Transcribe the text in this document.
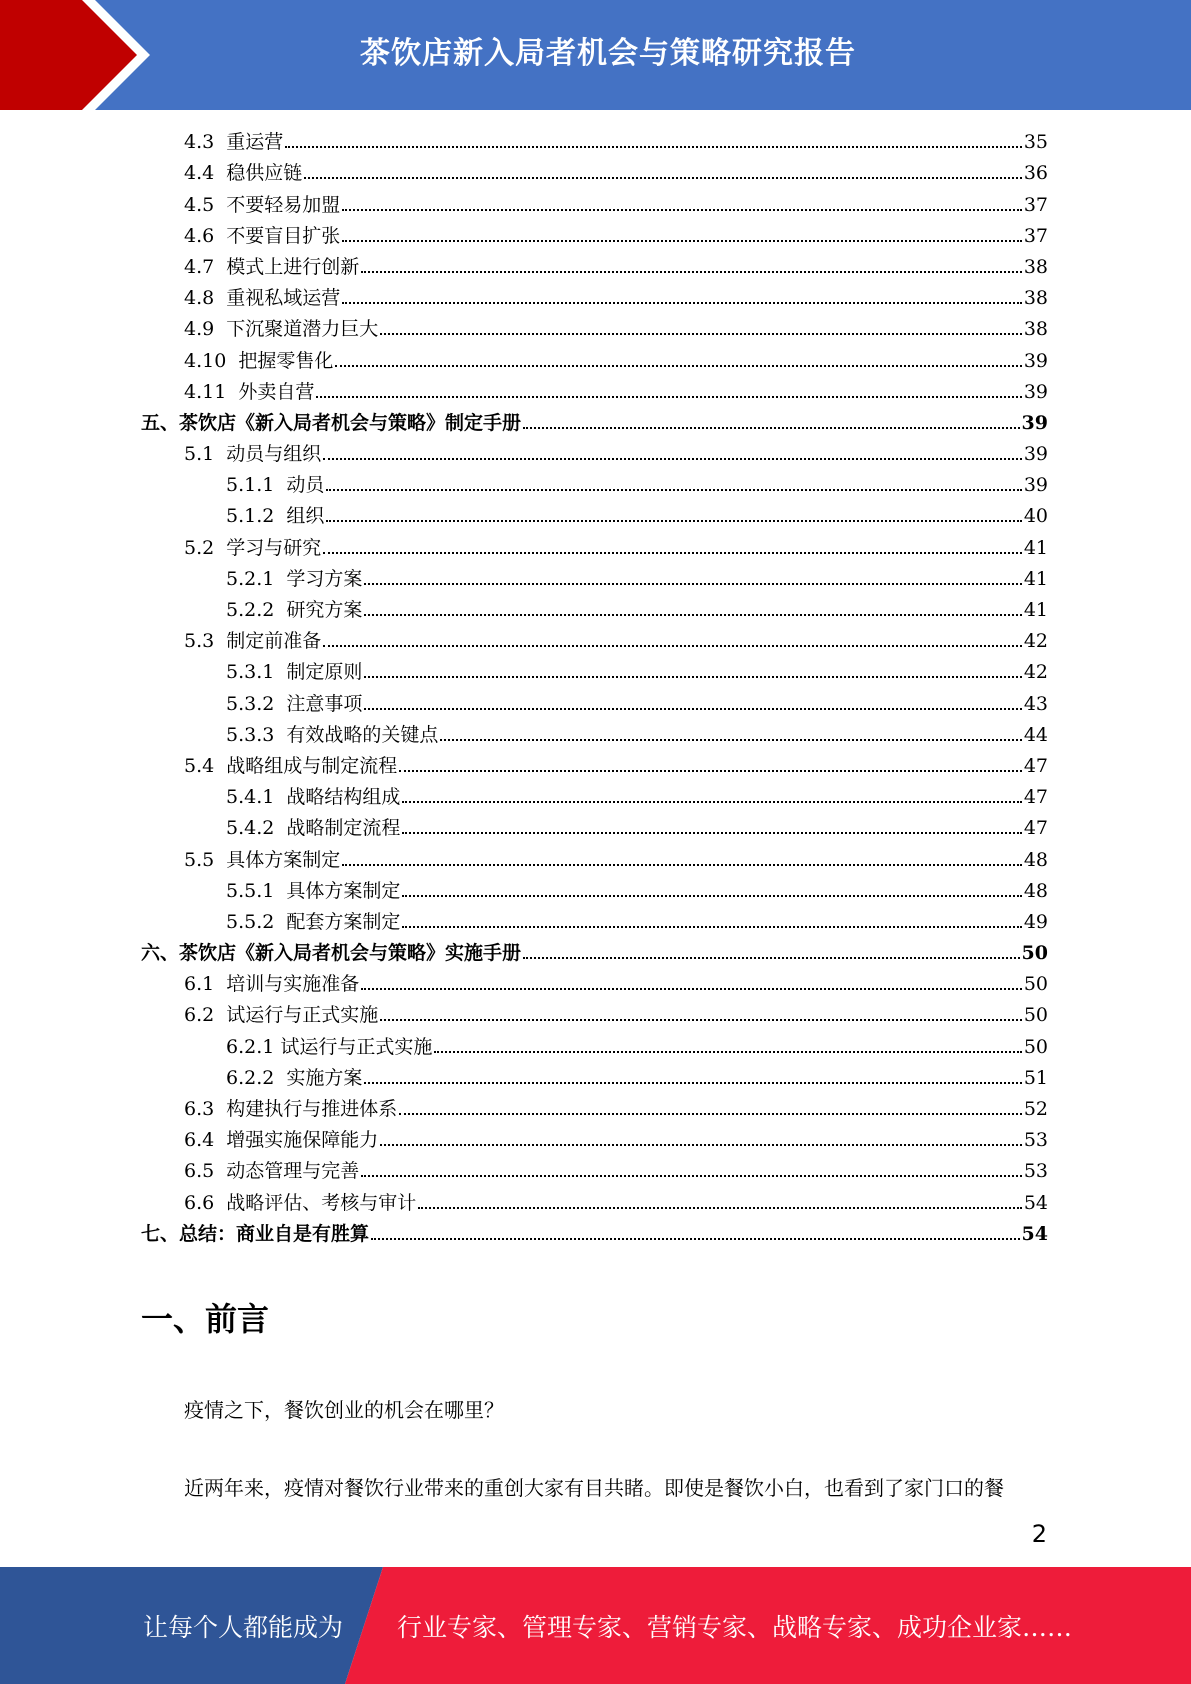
茶饮店新入局者机会与策略研究报告
4.3  重运营	35
4.4  稳供应链	36
4.5  不要轻易加盟	37
4.6  不要盲目扩张	37
4.7  模式上进行创新	38
4.8  重视私域运营	38
4.9  下沉聚道潜力巨大	38
4.10  把握零售化	39
4.11  外卖自营	39
五、茶饮店《新入局者机会与策略》制定手册	39
5.1  动员与组织	39
5.1.1  动员	39
5.1.2  组织	40
5.2  学习与研究	41
5.2.1  学习方案	41
5.2.2  研究方案	41
5.3  制定前准备	42
5.3.1  制定原则	42
5.3.2  注意事项	43
5.3.3  有效战略的关键点	44
5.4  战略组成与制定流程	47
5.4.1  战略结构组成	47
5.4.2  战略制定流程	47
5.5  具体方案制定	48
5.5.1  具体方案制定	48
5.5.2  配套方案制定	49
六、茶饮店《新入局者机会与策略》实施手册	50
6.1  培训与实施准备	50
6.2  试运行与正式实施	50
6.2.1 试运行与正式实施	50
6.2.2  实施方案	51
6.3  构建执行与推进体系	52
6.4  增强实施保障能力	53
6.5  动态管理与完善	53
6.6  战略评估、考核与审计	54
七、总结：商业自是有胜算	54
一、前言

疫情之下，餐饮创业的机会在哪里？

近两年来，疫情对餐饮行业带来的重创大家有目共睹。即使是餐饮小白，也看到了家门口的餐

2
让每个人都能成为 行业专家、管理专家、营销专家、战略专家、成功企业家……
